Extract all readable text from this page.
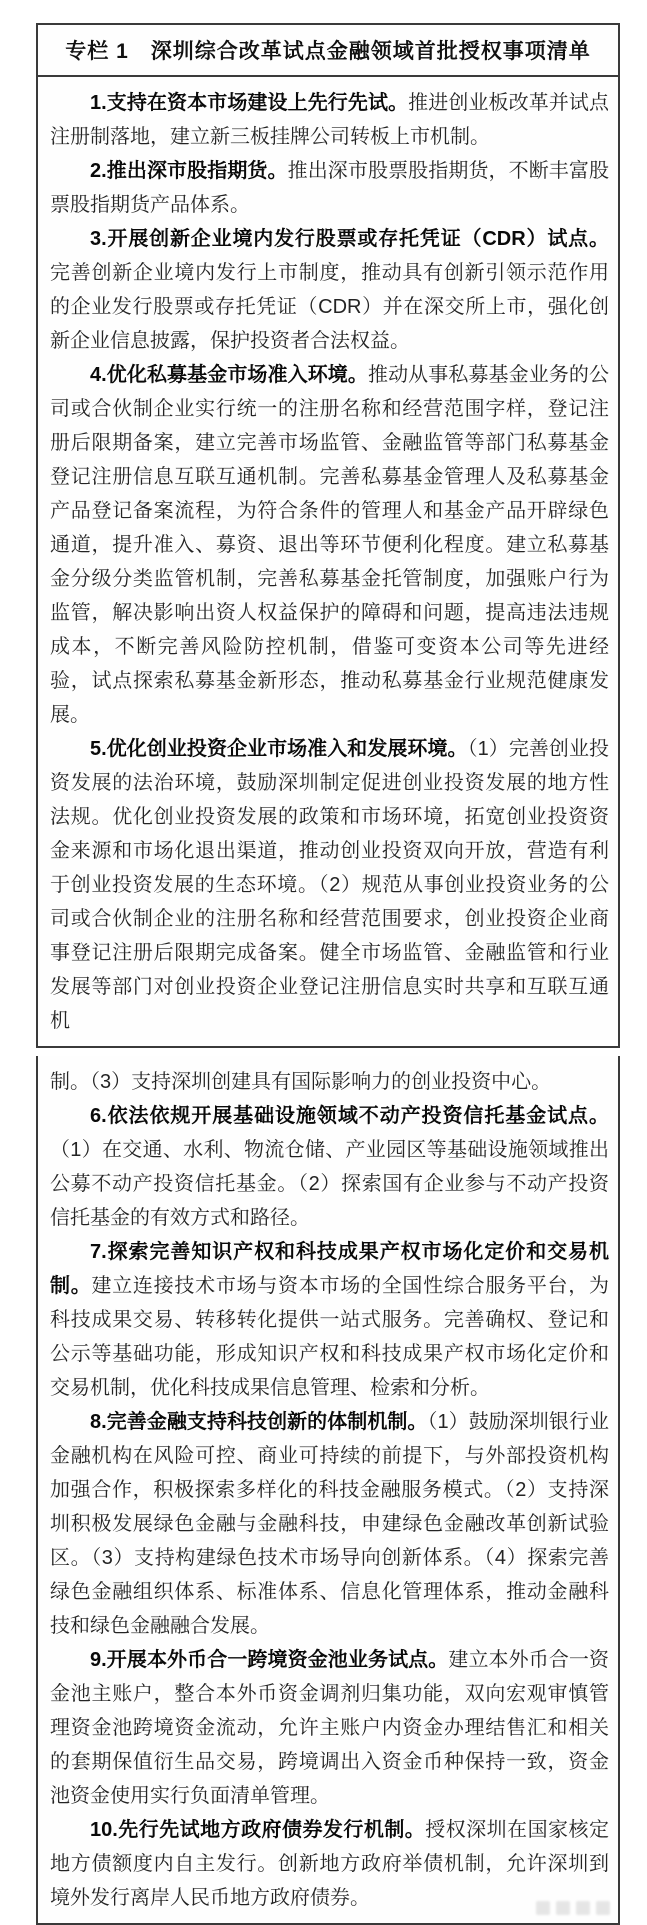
专栏 1　深圳综合改革试点金融领域首批授权事项清单

1.支持在资本市场建设上先行先试。推进创业板改革并试点注册制落地，建立新三板挂牌公司转板上市机制。

2.推出深市股指期货。推出深市股票股指期货，不断丰富股票股指期货产品体系。

3.开展创新企业境内发行股票或存托凭证（CDR）试点。完善创新企业境内发行上市制度，推动具有创新引领示范作用的企业发行股票或存托凭证（CDR）并在深交所上市，强化创新企业信息披露，保护投资者合法权益。

4.优化私募基金市场准入环境。推动从事私募基金业务的公司或合伙制企业实行统一的注册名称和经营范围字样，登记注册后限期备案，建立完善市场监管、金融监管等部门私募基金登记注册信息互联互通机制。完善私募基金管理人及私募基金产品登记备案流程，为符合条件的管理人和基金产品开辟绿色通道，提升准入、募资、退出等环节便利化程度。建立私募基金分级分类监管机制，完善私募基金托管制度，加强账户行为监管，解决影响出资人权益保护的障碍和问题，提高违法违规成本，不断完善风险防控机制，借鉴可变资本公司等先进经验，试点探索私募基金新形态，推动私募基金行业规范健康发展。

5.优化创业投资企业市场准入和发展环境。（1）完善创业投资发展的法治环境，鼓励深圳制定促进创业投资发展的地方性法规。优化创业投资发展的政策和市场环境，拓宽创业投资资金来源和市场化退出渠道，推动创业投资双向开放，营造有利于创业投资发展的生态环境。（2）规范从事创业投资业务的公司或合伙制企业的注册名称和经营范围要求，创业投资企业商事登记注册后限期完成备案。健全市场监管、金融监管和行业发展等部门对创业投资企业登记注册信息实时共享和互联互通机

制。（3）支持深圳创建具有国际影响力的创业投资中心。

6.依法依规开展基础设施领域不动产投资信托基金试点。（1）在交通、水利、物流仓储、产业园区等基础设施领域推出公募不动产投资信托基金。（2）探索国有企业参与不动产投资信托基金的有效方式和路径。

7.探索完善知识产权和科技成果产权市场化定价和交易机制。建立连接技术市场与资本市场的全国性综合服务平台，为科技成果交易、转移转化提供一站式服务。完善确权、登记和公示等基础功能，形成知识产权和科技成果产权市场化定价和交易机制，优化科技成果信息管理、检索和分析。

8.完善金融支持科技创新的体制机制。（1）鼓励深圳银行业金融机构在风险可控、商业可持续的前提下，与外部投资机构加强合作，积极探索多样化的科技金融服务模式。（2）支持深圳积极发展绿色金融与金融科技，申建绿色金融改革创新试验区。（3）支持构建绿色技术市场导向创新体系。（4）探索完善绿色金融组织体系、标准体系、信息化管理体系，推动金融科技和绿色金融融合发展。

9.开展本外币合一跨境资金池业务试点。建立本外币合一资金池主账户，整合本外币资金调剂归集功能，双向宏观审慎管理资金池跨境资金流动，允许主账户内资金办理结售汇和相关的套期保值衍生品交易，跨境调出入资金币种保持一致，资金池资金使用实行负面清单管理。

10.先行先试地方政府债券发行机制。授权深圳在国家核定地方债额度内自主发行。创新地方政府举债机制，允许深圳到境外发行离岸人民币地方政府债券。
